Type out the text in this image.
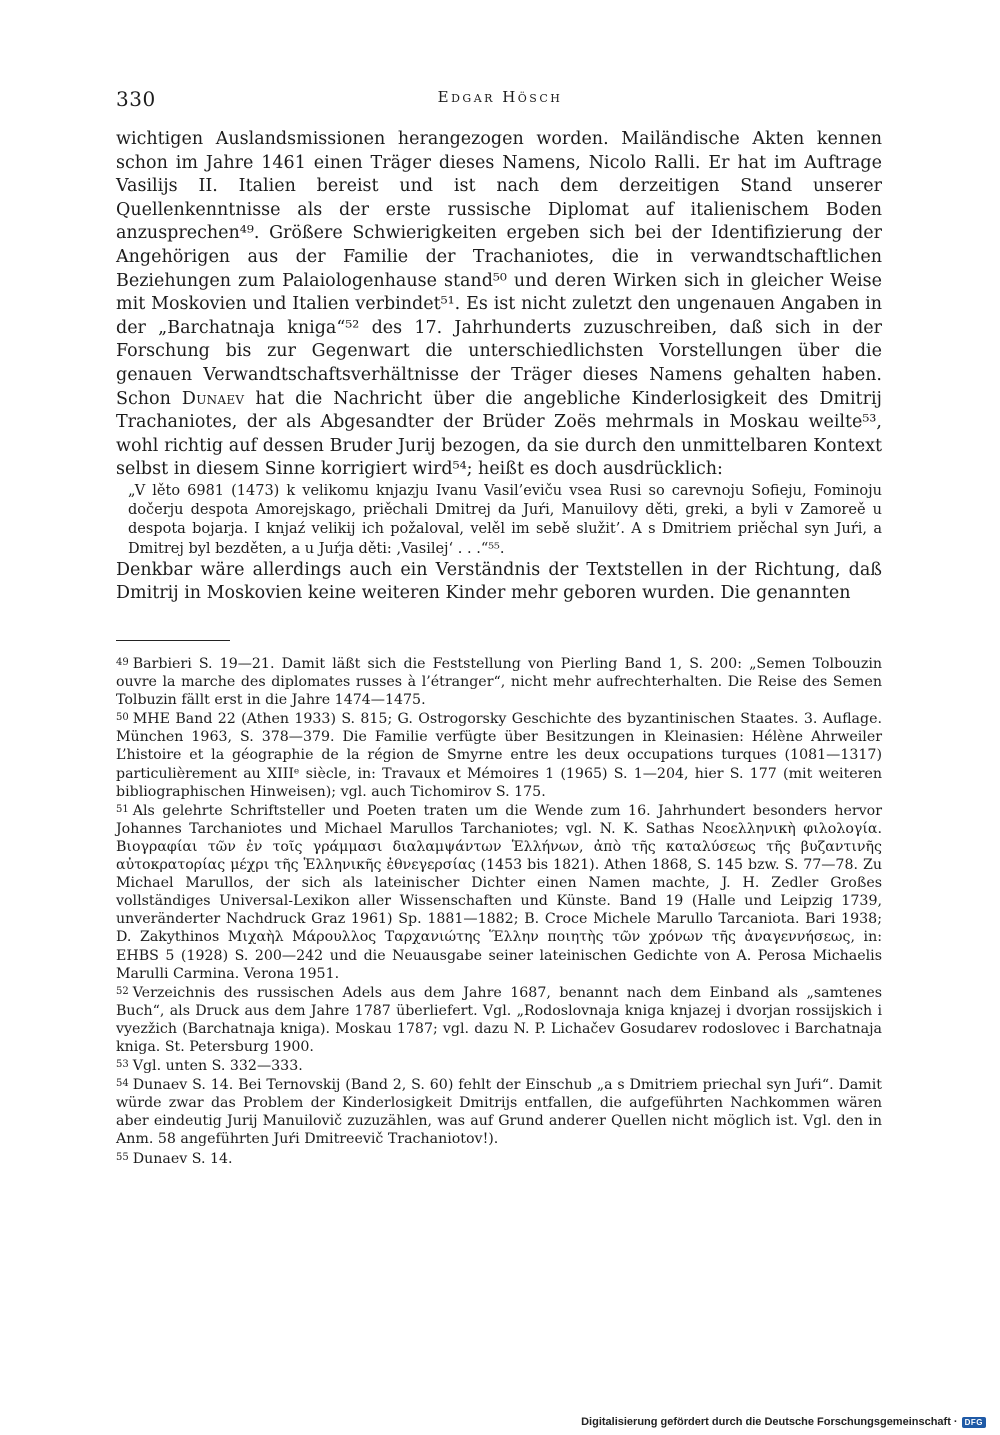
330	Edgar Hösch

wichtigen Auslandsmissionen herangezogen worden. Mailändische Akten kennen schon im Jahre 1461 einen Träger dieses Namens, Nicolo Ralli. Er hat im Auftrage Vasilijs II. Italien bereist und ist nach dem derzeitigen Stand unserer Quellenkenntnisse als der erste russische Diplomat auf italienischem Boden anzusprechen⁴⁹. Größere Schwierigkeiten ergeben sich bei der Identifizierung der Angehörigen aus der Familie der Trachaniotes, die in verwandtschaftlichen Beziehungen zum Palaiologenhause stand⁵⁰ und deren Wirken sich in gleicher Weise mit Moskovien und Italien verbindet⁵¹. Es ist nicht zuletzt den ungenauen Angaben in der „Barchatnaja kniga“⁵² des 17. Jahrhunderts zuzuschreiben, daß sich in der Forschung bis zur Gegenwart die unterschiedlichsten Vorstellungen über die genauen Verwandtschaftsverhältnisse der Träger dieses Namens gehalten haben. Schon Dunaev hat die Nachricht über die angebliche Kinderlosigkeit des Dmitrij Trachaniotes, der als Abgesandter der Brüder Zoës mehrmals in Moskau weilte⁵³, wohl richtig auf dessen Bruder Jurij bezogen, da sie durch den unmittelbaren Kontext selbst in diesem Sinne korrigiert wird⁵⁴; heißt es doch ausdrücklich:

„V lěto 6981 (1473) k velikomu knjazju Ivanu Vasil’eviču vsea Rusi so carevnoju Sofieju, Fominoju dočerju despota Amorejskago, priěchali Dmitrej da Juŕi, Manuilovy děti, greki, a byli v Zamoreě u despota bojarja. I knjaź velikij ich požaloval, velěl im sebě služit’. A s Dmitriem priěchal syn Juŕi, a Dmitrej byl bezděten, a u Juŕja děti: ‚Vasilej‘ . . .“⁵⁵.

Denkbar wäre allerdings auch ein Verständnis der Textstellen in der Richtung, daß Dmitrij in Moskovien keine weiteren Kinder mehr geboren wurden. Die genannten

$^{49}$ Barbieri S. 19—21. Damit läßt sich die Feststellung von Pierling Band 1, S. 200: „Semen Tolbouzin ouvre la marche des diplomates russes à l’étranger“, nicht mehr aufrechterhalten. Die Reise des Semen Tolbuzin fällt erst in die Jahre 1474—1475.

$^{50}$ MHE Band 22 (Athen 1933) S. 815; G. Ostrogorsky Geschichte des byzantinischen Staates. 3. Auflage. München 1963, S. 378—379. Die Familie verfügte über Besitzungen in Kleinasien: Hélène Ahrweiler L’histoire et la géographie de la région de Smyrne entre les deux occupations turques (1081—1317) particulièrement au XIIIᵉ siècle, in: Travaux et Mémoires 1 (1965) S. 1—204, hier S. 177 (mit weiteren bibliographischen Hinweisen); vgl. auch Tichomirov S. 175.

$^{51}$ Als gelehrte Schriftsteller und Poeten traten um die Wende zum 16. Jahrhundert besonders hervor Johannes Tarchaniotes und Michael Marullos Tarchaniotes; vgl. N. K. Sathas Νεοελληνικὴ φιλολογία. Βιογραφίαι τῶν ἐν τοῖς γράμμασι διαλαμψάντων Ἑλλήνων, ἀπὸ τῆς καταλύσεως τῆς βυζαντινῆς αὐτοκρατορίας μέχρι τῆς Ἑλληνικῆς ἐθνεγερσίας (1453 bis 1821). Athen 1868, S. 145 bzw. S. 77—78. Zu Michael Marullos, der sich als lateinischer Dichter einen Namen machte, J. H. Zedler Großes vollständiges Universal-Lexikon aller Wissenschaften und Künste. Band 19 (Halle und Leipzig 1739, unveränderter Nachdruck Graz 1961) Sp. 1881—1882; B. Croce Michele Marullo Tarcaniota. Bari 1938; D. Zakythinos Μιχαὴλ Μάρουλλος Ταρχανιώτης Ἕλλην ποιητὴς τῶν χρόνων τῆς ἀναγεννήσεως, in: EHBS 5 (1928) S. 200—242 und die Neuausgabe seiner lateinischen Gedichte von A. Perosa Michaelis Marulli Carmina. Verona 1951.

$^{52}$ Verzeichnis des russischen Adels aus dem Jahre 1687, benannt nach dem Einband als „samtenes Buch“, als Druck aus dem Jahre 1787 überliefert. Vgl. „Rodoslovnaja kniga knjazej i dvorjan rossijskich i vyezžich (Barchatnaja kniga). Moskau 1787; vgl. dazu N. P. Lichačev Gosudarev rodoslovec i Barchatnaja kniga. St. Petersburg 1900.

$^{53}$ Vgl. unten S. 332—333.

$^{54}$ Dunaev S. 14. Bei Ternovskij (Band 2, S. 60) fehlt der Einschub „a s Dmitriem priechal syn Juŕi“. Damit würde zwar das Problem der Kinderlosigkeit Dmitrijs entfallen, die aufgeführten Nachkommen wären aber eindeutig Jurij Manuilovič zuzuzählen, was auf Grund anderer Quellen nicht möglich ist. Vgl. den in Anm. 58 angeführten Juŕi Dmitreevič Trachaniotov!).

$^{55}$ Dunaev S. 14.

Digitalisierung gefördert durch die Deutsche Forschungsgemeinschaft · DFG
